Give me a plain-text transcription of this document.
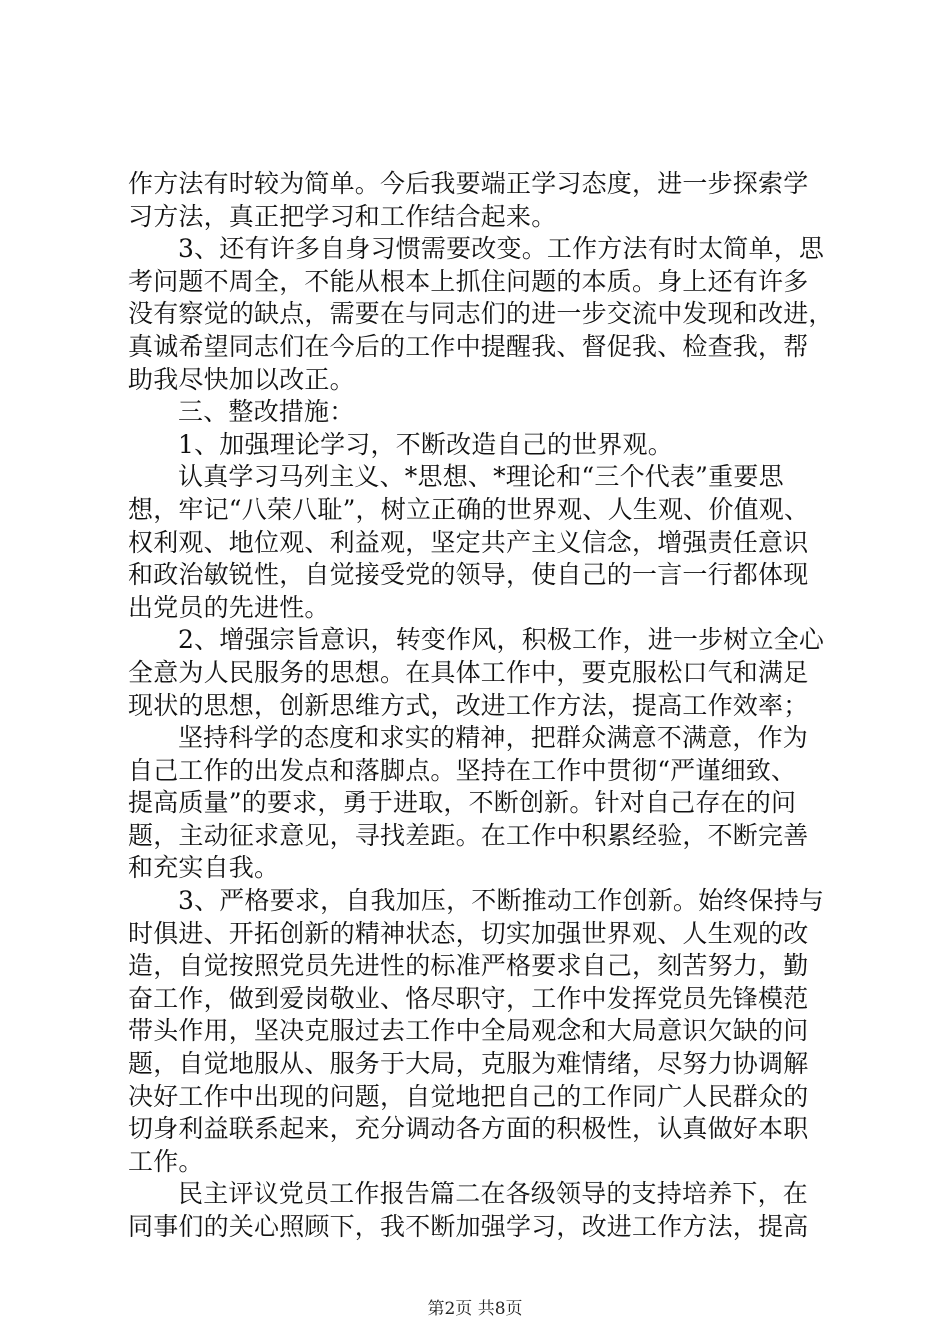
作方法有时较为简单。今后我要端正学习态度，进一步探索学
习方法，真正把学习和工作结合起来。
3、还有许多自身习惯需要改变。工作方法有时太简单，思
考问题不周全，不能从根本上抓住问题的本质。身上还有许多
没有察觉的缺点，需要在与同志们的进一步交流中发现和改进，
真诚希望同志们在今后的工作中提醒我、督促我、检查我，帮
助我尽快加以改正。
三、整改措施：
1、加强理论学习，不断改造自己的世界观。
认真学习马列主义、*思想、*理论和“三个代表”重要思
想，牢记“八荣八耻”，树立正确的世界观、人生观、价值观、
权利观、地位观、利益观，坚定共产主义信念，增强责任意识
和政治敏锐性，自觉接受党的领导，使自己的一言一行都体现
出党员的先进性。
2、增强宗旨意识，转变作风，积极工作，进一步树立全心
全意为人民服务的思想。在具体工作中，要克服松口气和满足
现状的思想，创新思维方式，改进工作方法，提高工作效率；
坚持科学的态度和求实的精神，把群众满意不满意，作为
自己工作的出发点和落脚点。坚持在工作中贯彻“严谨细致、
提高质量”的要求，勇于进取，不断创新。针对自己存在的问
题，主动征求意见，寻找差距。在工作中积累经验，不断完善
和充实自我。
3、严格要求，自我加压，不断推动工作创新。始终保持与
时俱进、开拓创新的精神状态，切实加强世界观、人生观的改
造，自觉按照党员先进性的标准严格要求自己，刻苦努力，勤
奋工作，做到爱岗敬业、恪尽职守，工作中发挥党员先锋模范
带头作用，坚决克服过去工作中全局观念和大局意识欠缺的问
题，自觉地服从、服务于大局，克服为难情绪，尽努力协调解
决好工作中出现的问题，自觉地把自己的工作同广人民群众的
切身利益联系起来，充分调动各方面的积极性，认真做好本职
工作。
民主评议党员工作报告篇二在各级领导的支持培养下，在
同事们的关心照顾下，我不断加强学习，改进工作方法，提高
第2页 共8页
